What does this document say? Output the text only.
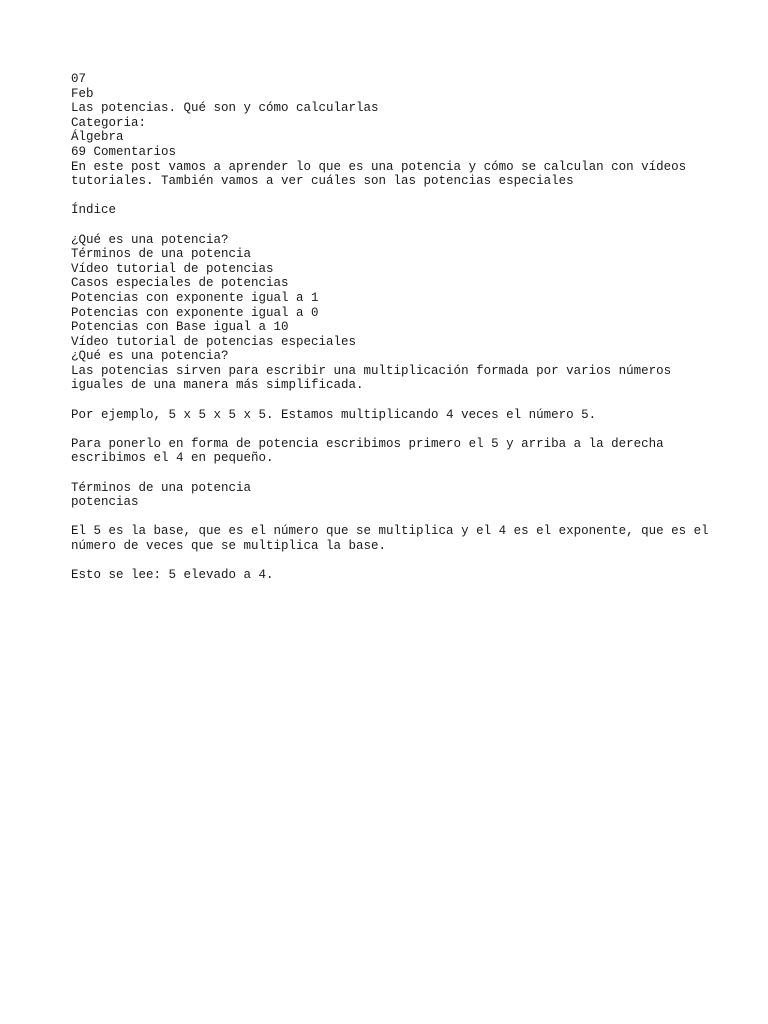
07
Feb
Las potencias. Qué son y cómo calcularlas
Categoria:
Álgebra
69 Comentarios
En este post vamos a aprender lo que es una potencia y cómo se calculan con vídeos tutoriales. También vamos a ver cuáles son las potencias especiales
Índice
¿Qué es una potencia?
Términos de una potencia
Vídeo tutorial de potencias
Casos especiales de potencias
Potencias con exponente igual a 1
Potencias con exponente igual a 0
Potencias con Base igual a 10
Vídeo tutorial de potencias especiales
¿Qué es una potencia?
Las potencias sirven para escribir una multiplicación formada por varios números iguales de una manera más simplificada.
Por ejemplo, 5 x 5 x 5 x 5. Estamos multiplicando 4 veces el número 5.
Para ponerlo en forma de potencia escribimos primero el 5 y arriba a la derecha escribimos el 4 en pequeño.
Términos de una potencia
potencias
El 5 es la base, que es el número que se multiplica y el 4 es el exponente, que es el número de veces que se multiplica la base.
Esto se lee: 5 elevado a 4.
